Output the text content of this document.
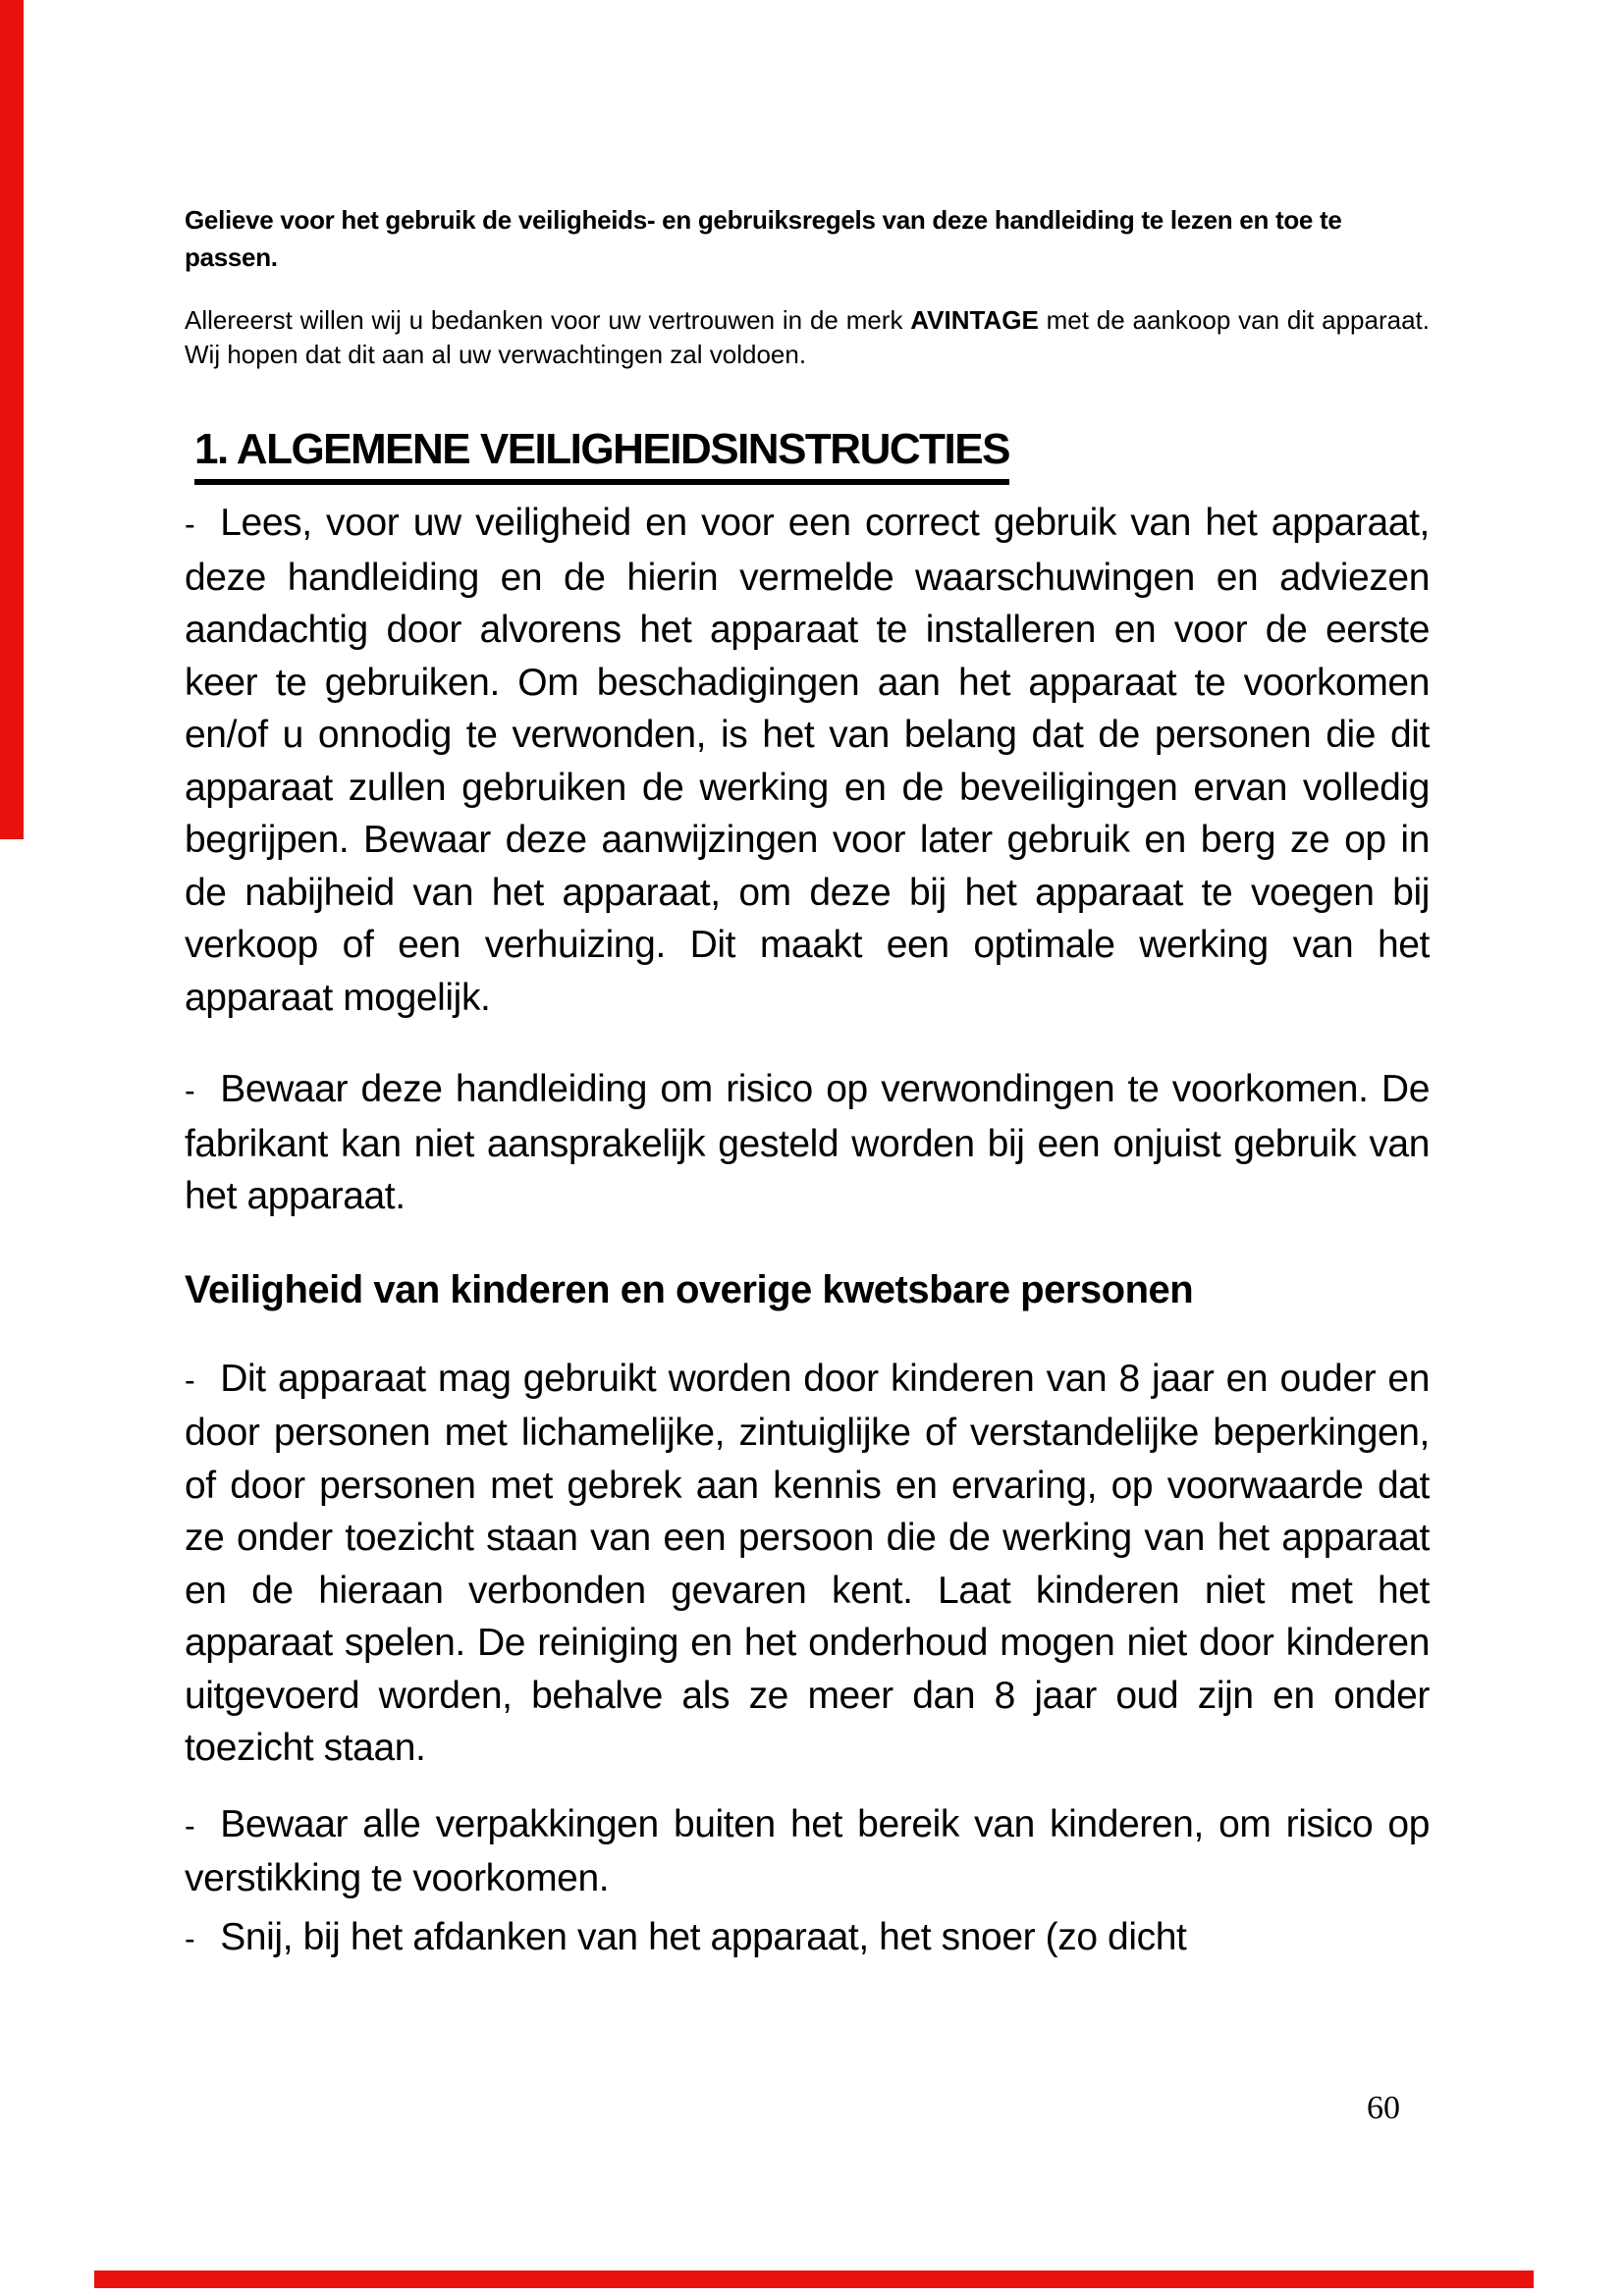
Gelieve voor het gebruik de veiligheids- en gebruiksregels van deze handleiding te lezen en toe te passen.

Allereerst willen wij u bedanken voor uw vertrouwen in de merk AVINTAGE met de aankoop van dit apparaat. Wij hopen dat dit aan al uw verwachtingen zal voldoen.

1. ALGEMENE VEILIGHEIDSINSTRUCTIES

- Lees, voor uw veiligheid en voor een correct gebruik van het apparaat, deze handleiding en de hierin vermelde waarschuwingen en adviezen aandachtig door alvorens het apparaat te installeren en voor de eerste keer te gebruiken. Om beschadigingen aan het apparaat te voorkomen en/of u onnodig te verwonden, is het van belang dat de personen die dit apparaat zullen gebruiken de werking en de beveiligingen ervan volledig begrijpen. Bewaar deze aanwijzingen voor later gebruik en berg ze op in de nabijheid van het apparaat, om deze bij het apparaat te voegen bij verkoop of een verhuizing. Dit maakt een optimale werking van het apparaat mogelijk.

- Bewaar deze handleiding om risico op verwondingen te voorkomen. De fabrikant kan niet aansprakelijk gesteld worden bij een onjuist gebruik van het apparaat.

Veiligheid van kinderen en overige kwetsbare personen

- Dit apparaat mag gebruikt worden door kinderen van 8 jaar en ouder en door personen met lichamelijke, zintuiglijke of verstandelijke beperkingen, of door personen met gebrek aan kennis en ervaring, op voorwaarde dat ze onder toezicht staan van een persoon die de werking van het apparaat en de hieraan verbonden gevaren kent. Laat kinderen niet met het apparaat spelen. De reiniging en het onderhoud mogen niet door kinderen uitgevoerd worden, behalve als ze meer dan 8 jaar oud zijn en onder toezicht staan.

- Bewaar alle verpakkingen buiten het bereik van kinderen, om risico op verstikking te voorkomen.

- Snij, bij het afdanken van het apparaat, het snoer (zo dicht

60
